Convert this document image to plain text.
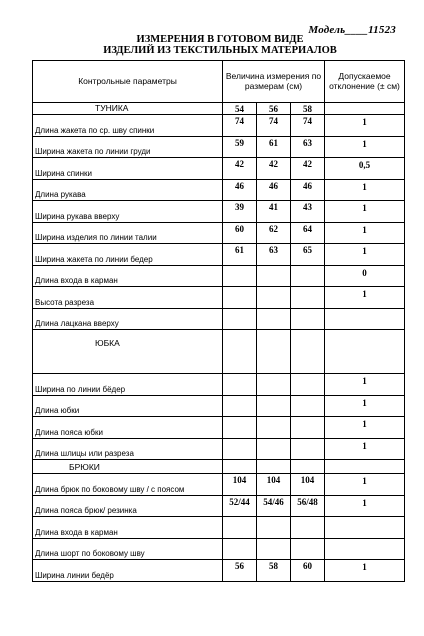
Модель____11523
ИЗМЕРЕНИЯ В ГОТОВОМ ВИДЕ
ИЗДЕЛИЙ ИЗ ТЕКСТИЛЬНЫХ МАТЕРИАЛОВ
Контрольные параметры	Величина измерения по размерам (см)			Допускаемое отклонение (± см)
ТУНИКА	54	56	58	
Длина жакета по ср. шву спинки	74	74	74	1
Ширина жакета по линии груди	59	61	63	1
Ширина спинки	42	42	42	0,5
Длина рукава	46	46	46	1
Ширина рукава вверху	39	41	43	1
Ширина изделия по линии талии	60	62	64	1
Ширина жакета по линии бедер	61	63	65	1
Длина входа в карман				0
Высота разреза				1
Длина лацкана вверху				
ЮБКА				
Ширина по линии бёдер				1
Длина юбки				1
Длина пояса юбки				1
Длина шлицы или разреза				1
БРЮКИ				
Длина брюк по боковому шву / с поясом	104	104	104	1
Длина пояса брюк/ резинка	52/44	54/46	56/48	1
Длина входа в карман				
Длина шорт по боковому шву				
Ширина линии бедёр	56	58	60	1
